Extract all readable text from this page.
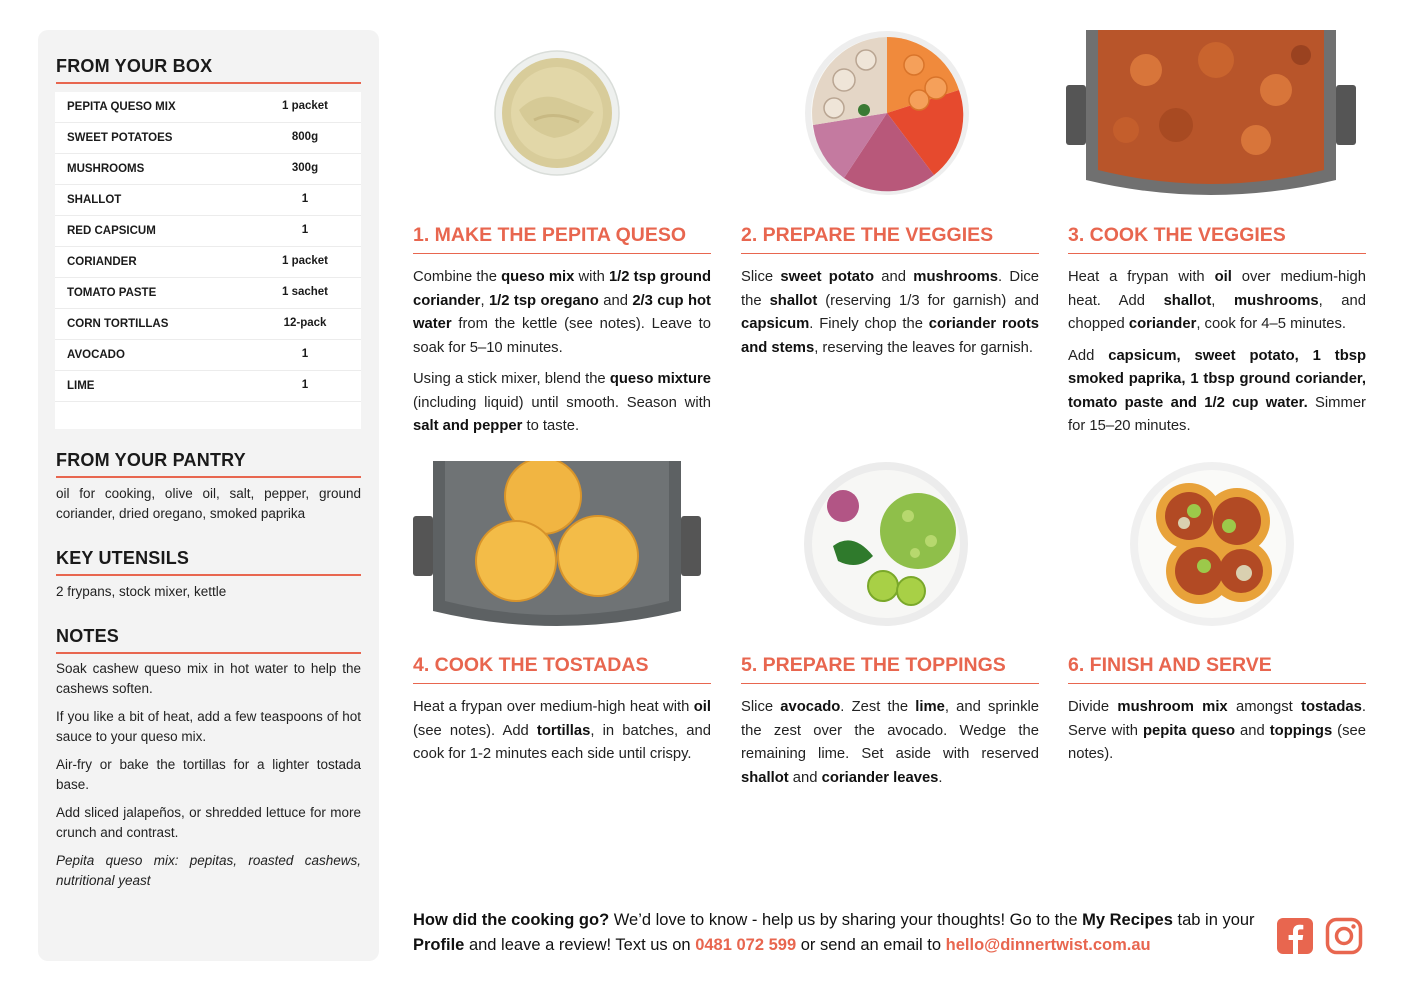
FROM YOUR BOX
PEPITA QUESO MIX	1 packet
SWEET POTATOES	800g
MUSHROOMS	300g
SHALLOT	1
RED CAPSICUM	1
CORIANDER	1 packet
TOMATO PASTE	1 sachet
CORN TORTILLAS	12-pack
AVOCADO	1
LIME	1
FROM YOUR PANTRY
oil for cooking, olive oil, salt, pepper, ground coriander, dried oregano, smoked paprika
KEY UTENSILS
2 frypans, stock mixer, kettle
NOTES

Soak cashew queso mix in hot water to help the cashews soften.

If you like a bit of heat, add a few teaspoons of hot sauce to your queso mix.

Air-fry or bake the tortillas for a lighter tostada base.

Add sliced jalapeños, or shredded lettuce for more crunch and contrast.

Pepita queso mix: pepitas, roasted cashews, nutritional yeast

1. MAKE THE PEPITA QUESO	2. PREPARE THE VEGGIES	3. COOK THE VEGGIES
4. COOK THE TOSTADAS	5. PREPARE THE TOPPINGS	6. FINISH AND SERVE

Combine the queso mix with 1/2 tsp ground coriander, 1/2 tsp oregano and 2/3 cup hot water from the kettle (see notes). Leave to soak for 5–10 minutes.

Using a stick mixer, blend the queso mixture (including liquid) until smooth. Season with salt and pepper to taste.

Slice sweet potato and mushrooms. Dice the shallot (reserving 1/3 for garnish) and capsicum. Finely chop the coriander roots and stems, reserving the leaves for garnish.

Heat a frypan with oil over medium-high heat. Add shallot, mushrooms, and chopped coriander, cook for 4–5 minutes.

Add capsicum, sweet potato, 1 tbsp smoked paprika, 1 tbsp ground coriander, tomato paste and 1/2 cup water. Simmer for 15–20 minutes.

Heat a frypan over medium-high heat with oil (see notes). Add tortillas, in batches, and cook for 1-2 minutes each side until crispy.

Slice avocado. Zest the lime, and sprinkle the zest over the avocado. Wedge the remaining lime. Set aside with reserved shallot and coriander leaves.

Divide mushroom mix amongst tostadas. Serve with pepita queso and toppings (see notes).

How did the cooking go? We’d love to know - help us by sharing your thoughts! Go to the My Recipes tab in your Profile and leave a review! Text us on 0481 072 599 or send an email to hello@dinnertwist.com.au
